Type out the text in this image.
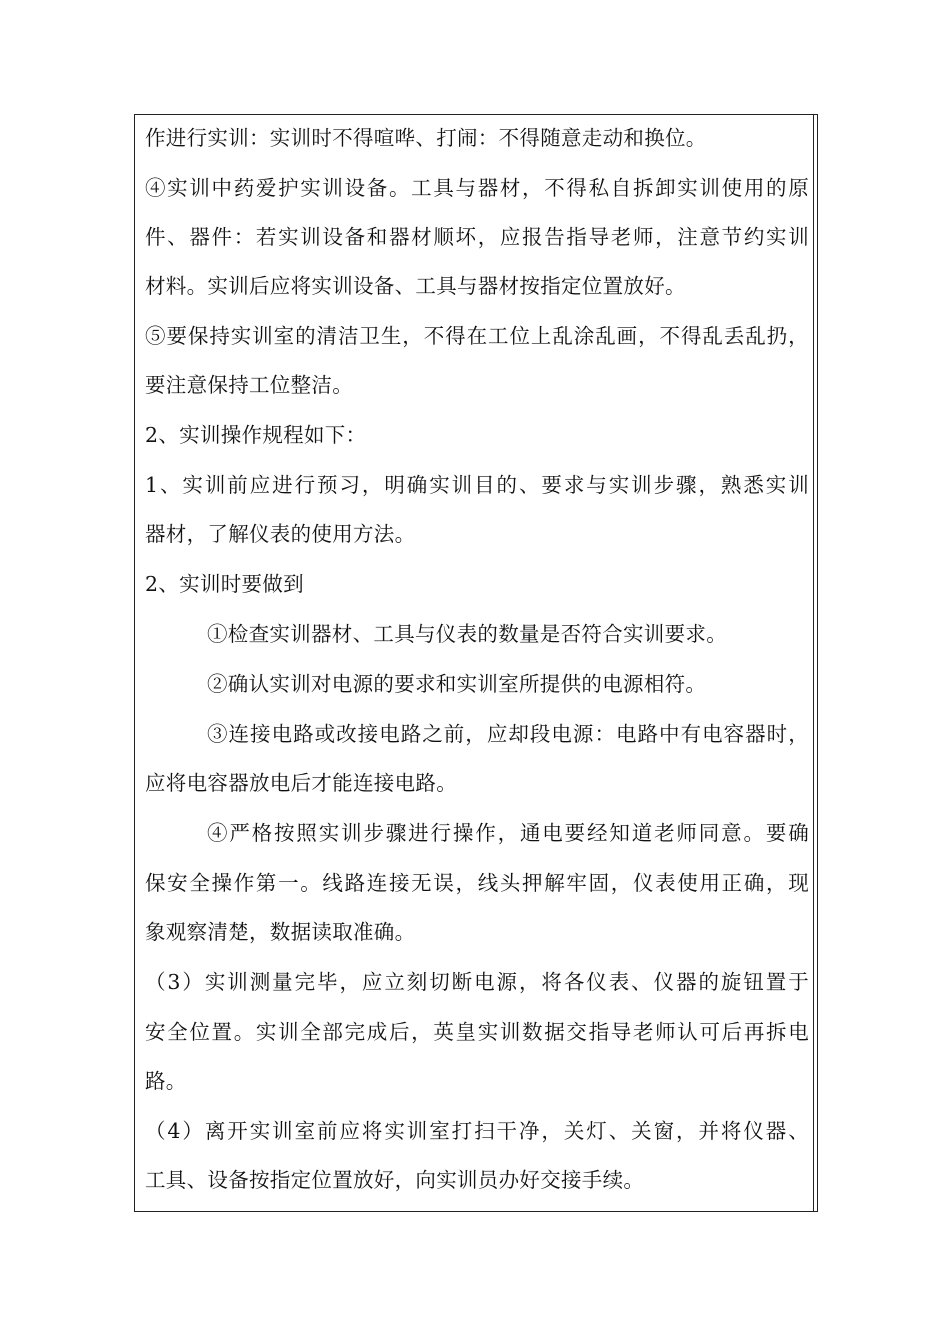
作进行实训：实训时不得喧哗、打闹：不得随意走动和换位。
④实训中药爱护实训设备。工具与器材，不得私自拆卸实训使用的原
件、器件：若实训设备和器材顺坏，应报告指导老师，注意节约实训
材料。实训后应将实训设备、工具与器材按指定位置放好。
⑤要保持实训室的清洁卫生，不得在工位上乱涂乱画，不得乱丢乱扔，
要注意保持工位整洁。
2、实训操作规程如下：
1、实训前应进行预习，明确实训目的、要求与实训步骤，熟悉实训
器材，了解仪表的使用方法。
2、实训时要做到
①检查实训器材、工具与仪表的数量是否符合实训要求。
②确认实训对电源的要求和实训室所提供的电源相符。
③连接电路或改接电路之前，应却段电源：电路中有电容器时，
应将电容器放电后才能连接电路。
④严格按照实训步骤进行操作，通电要经知道老师同意。要确
保安全操作第一。线路连接无误，线头押解牢固，仪表使用正确，现
象观察清楚，数据读取准确。
（3）实训测量完毕，应立刻切断电源，将各仪表、仪器的旋钮置于
安全位置。实训全部完成后，英皇实训数据交指导老师认可后再拆电
路。
（4）离开实训室前应将实训室打扫干净，关灯、关窗，并将仪器、
工具、设备按指定位置放好，向实训员办好交接手续。
